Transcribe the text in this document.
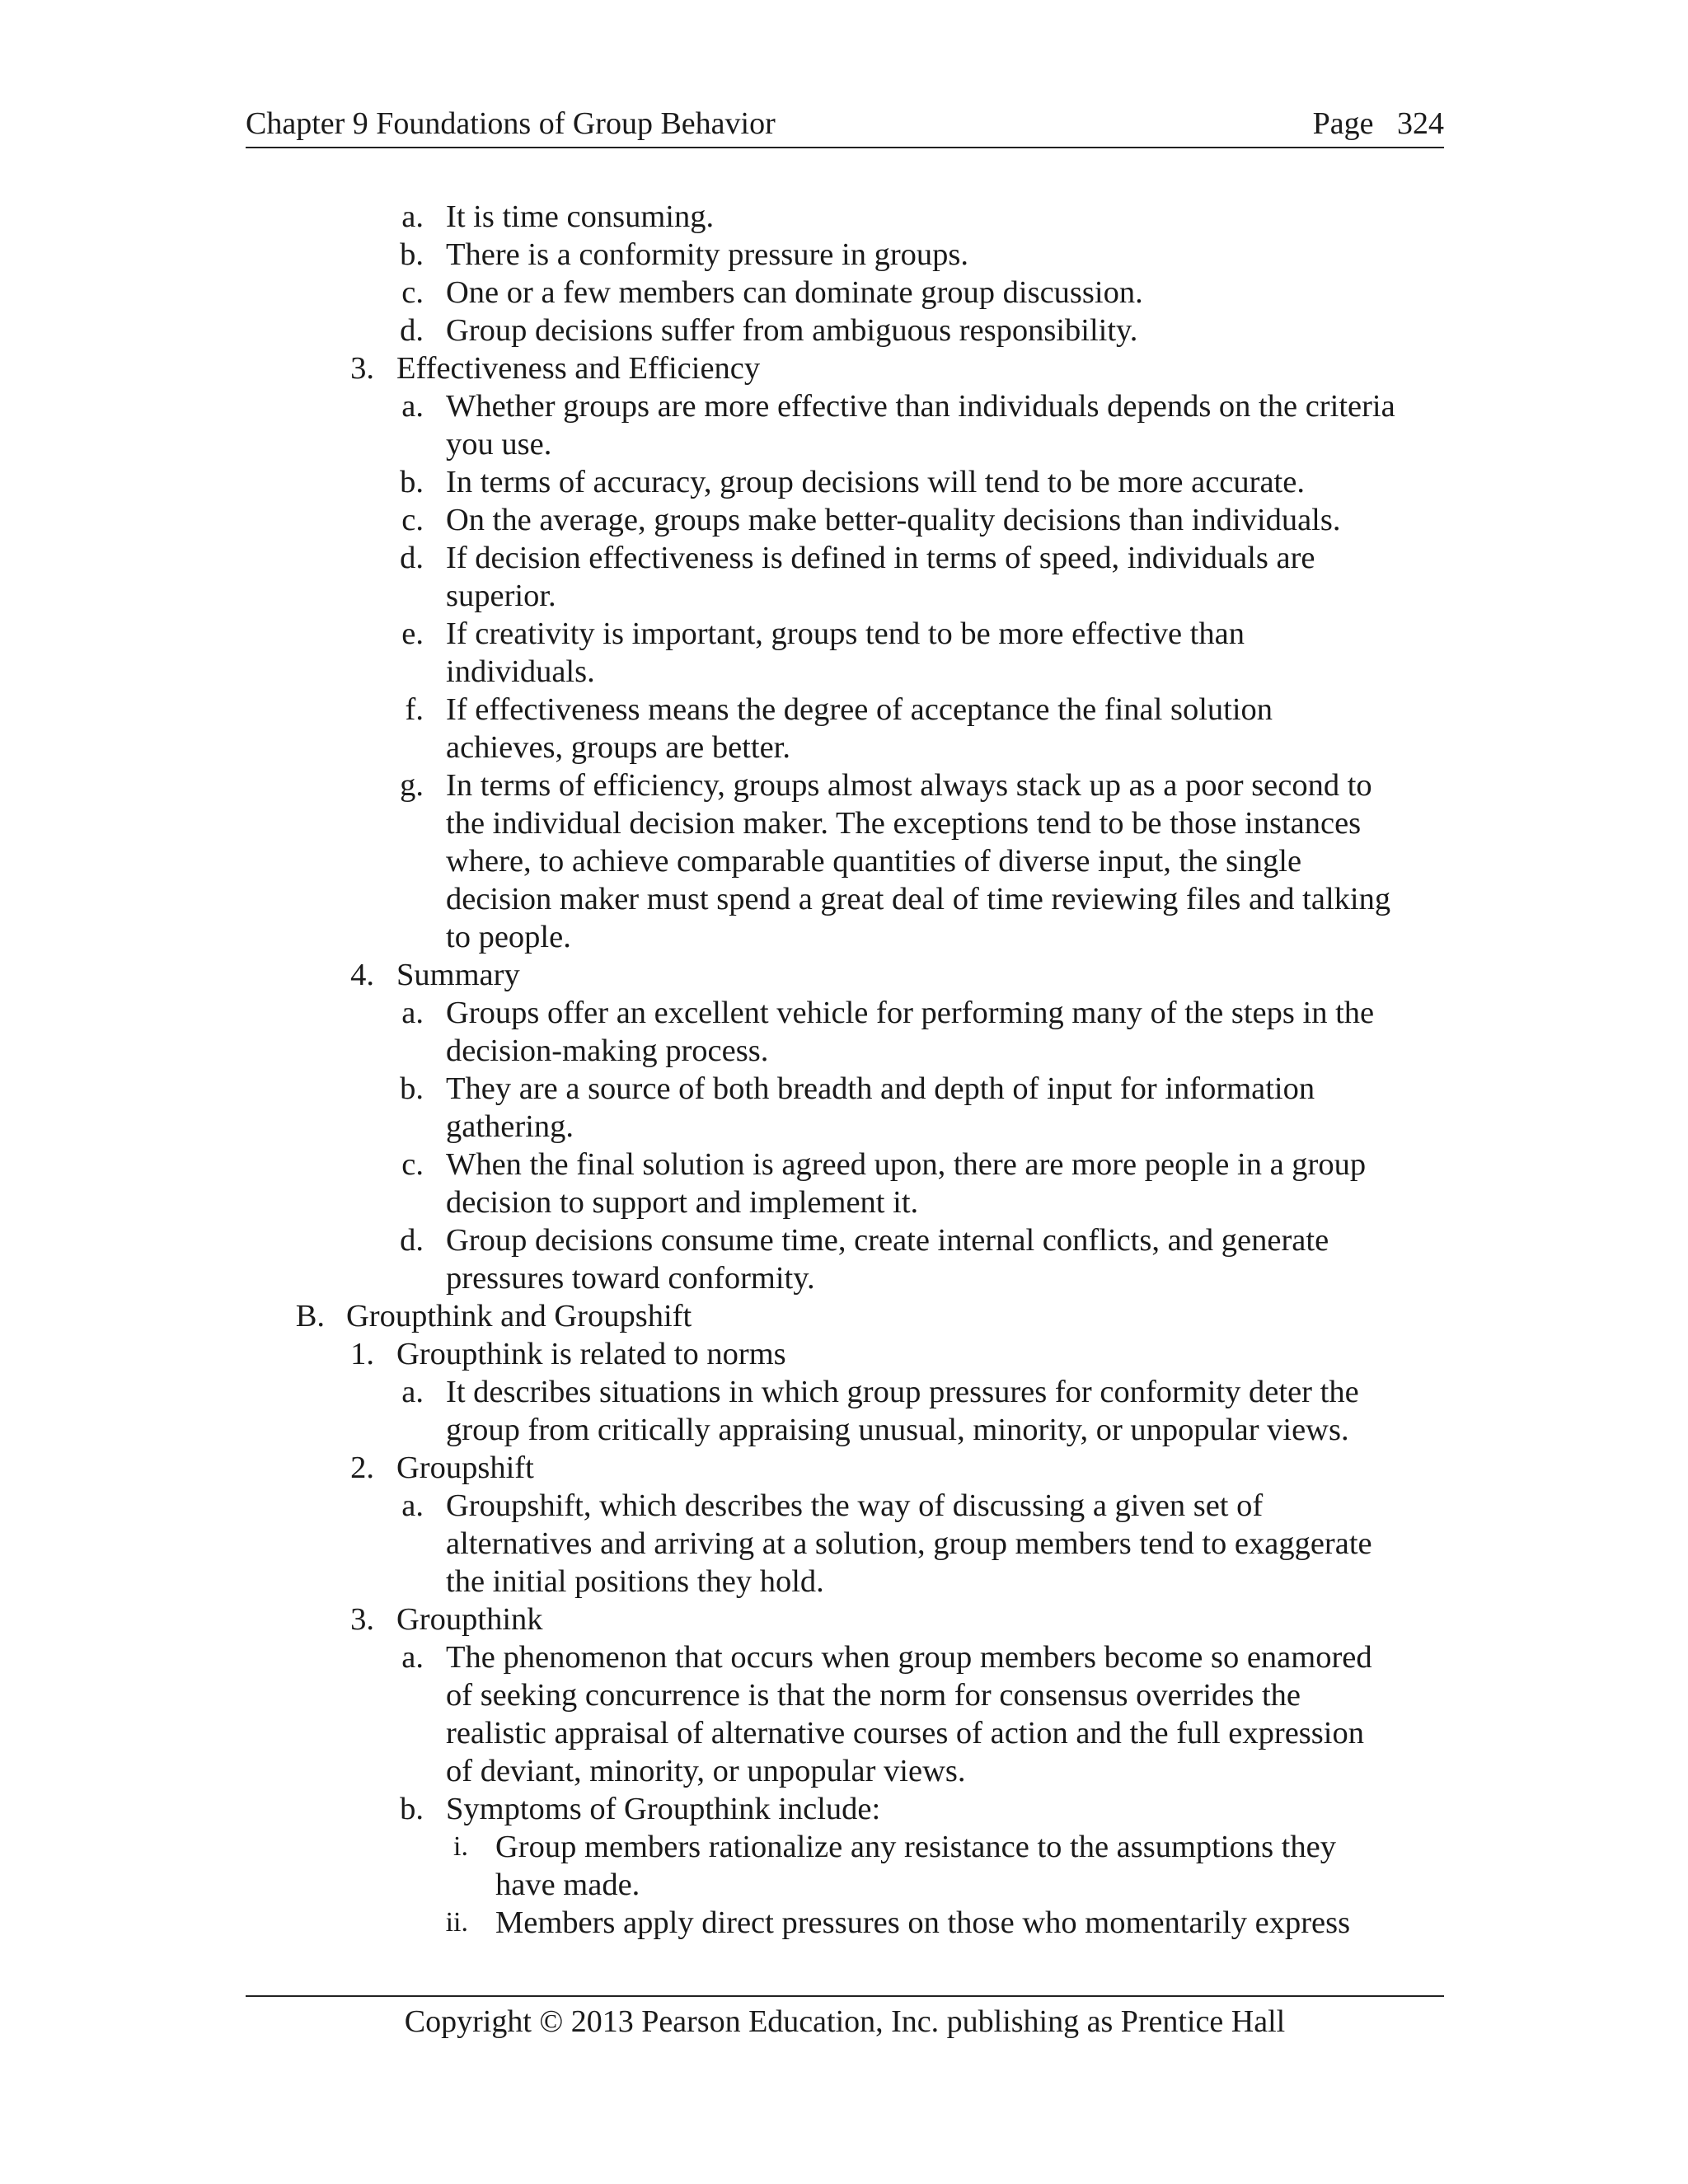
Chapter 9 Foundations of Group Behavior	Page 324
a. It is time consuming.
b. There is a conformity pressure in groups.
c. One or a few members can dominate group discussion.
d. Group decisions suffer from ambiguous responsibility.
3. Effectiveness and Efficiency
a. Whether groups are more effective than individuals depends on the criteria
you use.
b. In terms of accuracy, group decisions will tend to be more accurate.
c. On the average, groups make better-quality decisions than individuals.
d. If decision effectiveness is defined in terms of speed, individuals are
superior.
e. If creativity is important, groups tend to be more effective than
individuals.
f. If effectiveness means the degree of acceptance the final solution
achieves, groups are better.
g. In terms of efficiency, groups almost always stack up as a poor second to
the individual decision maker. The exceptions tend to be those instances
where, to achieve comparable quantities of diverse input, the single
decision maker must spend a great deal of time reviewing files and talking
to people.
4. Summary
a. Groups offer an excellent vehicle for performing many of the steps in the
decision-making process.
b. They are a source of both breadth and depth of input for information
gathering.
c. When the final solution is agreed upon, there are more people in a group
decision to support and implement it.
d. Group decisions consume time, create internal conflicts, and generate
pressures toward conformity.
B. Groupthink and Groupshift
1. Groupthink is related to norms
a. It describes situations in which group pressures for conformity deter the
group from critically appraising unusual, minority, or unpopular views.
2. Groupshift
a. Groupshift, which describes the way of discussing a given set of
alternatives and arriving at a solution, group members tend to exaggerate
the initial positions they hold.
3. Groupthink
a. The phenomenon that occurs when group members become so enamored
of seeking concurrence is that the norm for consensus overrides the
realistic appraisal of alternative courses of action and the full expression
of deviant, minority, or unpopular views.
b. Symptoms of Groupthink include:
i. Group members rationalize any resistance to the assumptions they
have made.
ii. Members apply direct pressures on those who momentarily express
Copyright © 2013 Pearson Education, Inc. publishing as Prentice Hall
